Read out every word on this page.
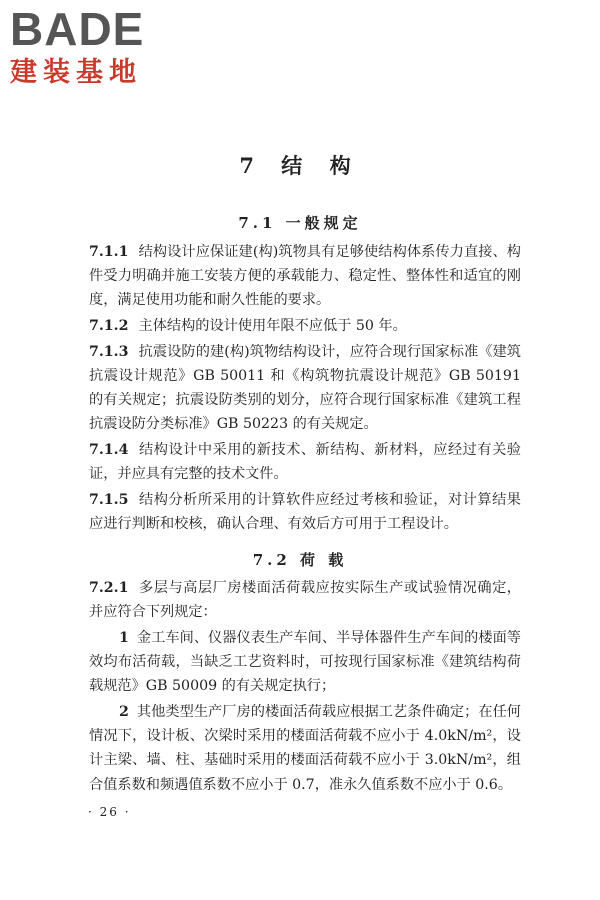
BADE
建装基地
7 结 构
7.1 一般规定

7.1.1 结构设计应保证建(构)筑物具有足够使结构体系传力直接、构件受力明确并施工安装方便的承载能力、稳定性、整体性和适宜的刚度，满足使用功能和耐久性能的要求。

7.1.2 主体结构的设计使用年限不应低于 50 年。

7.1.3 抗震设防的建(构)筑物结构设计，应符合现行国家标准《建筑抗震设计规范》GB 50011 和《构筑物抗震设计规范》GB 50191 的有关规定；抗震设防类别的划分，应符合现行国家标准《建筑工程抗震设防分类标准》GB 50223 的有关规定。

7.1.4 结构设计中采用的新技术、新结构、新材料，应经过有关验证，并应具有完整的技术文件。

7.1.5 结构分析所采用的计算软件应经过考核和验证，对计算结果应进行判断和校核，确认合理、有效后方可用于工程设计。

7.2 荷 载

7.2.1 多层与高层厂房楼面活荷载应按实际生产或试验情况确定，并应符合下列规定：

1 金工车间、仪器仪表生产车间、半导体器件生产车间的楼面等效均布活荷载，当缺乏工艺资料时，可按现行国家标准《建筑结构荷载规范》GB 50009 的有关规定执行；

2 其他类型生产厂房的楼面活荷载应根据工艺条件确定；在任何情况下，设计板、次梁时采用的楼面活荷载不应小于 4.0kN/m²，设计主梁、墙、柱、基础时采用的楼面活荷载不应小于 3.0kN/m²，组合值系数和频遇值系数不应小于 0.7，准永久值系数不应小于 0.6。

· 26 ·
